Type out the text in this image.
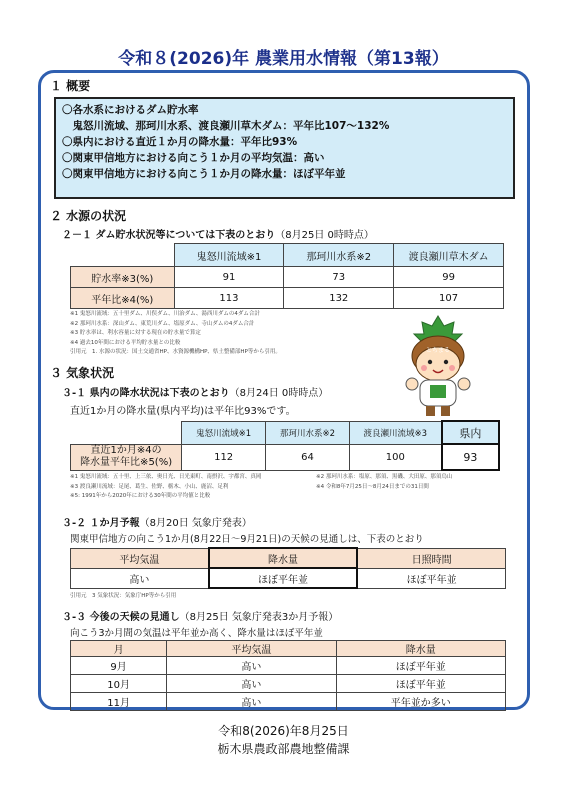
令和８(2026)年 農業用水情報（第13報）
１ 概要
〇各水系におけるダム貯水率
　鬼怒川流域、那珂川水系、渡良瀬川草木ダム：平年比107～132%
〇県内における直近１か月の降水量：平年比93%
〇関東甲信地方における向こう１か月の平均気温：高い
〇関東甲信地方における向こう１か月の降水量：ほぼ平年並
２ 水源の状況
２－１ ダム貯水状況等については下表のとおり（8月25日 0時時点）
	鬼怒川流域※1	那珂川水系※2	渡良瀬川草木ダム
貯水率※3(%)	91	73	99
平年比※4(%)	113	132	107
※1 鬼怒川流域：五十里ダム、川俣ダム、川治ダム、湯西川ダムの4ダム合計
※2 那珂川水系：深山ダム、東荒川ダム、塩原ダム、寺山ダムの4ダム合計
※3 貯水率は、利水容量に対する現在の貯水量で算定
※4 過去10年間における平均貯水量との比較
引用元　1. 水源の状況：国土交通省HP、水資源機構HP、県土整備部HP等から引用。	とちまる
３ 気象状況
３-１ 県内の降水状況は下表のとおり（8月24日 0時時点）
直近1か月の降水量(県内平均)は平年比93%です。
	鬼怒川流域※1	那珂川水系※2	渡良瀬川流域※3	県内

直近1か月※4の
降水量平年比※5(%)	112	64	100	93
※1 鬼怒川流域：五十里、上三依、奥日光、日光東町、南摂沢、宇都宮、真岡
※3 渡良瀬川流域：足尾、葛生、佐野、栃木、小山、鹿沼、足利
※5: 1991年から2020年における30年間の平均値と比較
※2 那珂川水系：塩原、那須、黒磯、大田原、那須烏山
※4 令和8年7月25日～8月24日までの31日間
３-２ １か月予報（8月20日 気象庁発表）
関東甲信地方の向こう1か月(8月22日～9月21日)の天候の見通しは、下表のとおり
平均気温	降水量	日照時間
高い	ほぼ平年並	ほぼ平年並
引用元　3 気象状況：気象庁HP等から引用
３-３ 今後の天候の見通し（8月25日 気象庁発表3か月予報）
向こう3か月間の気温は平年並か高く、降水量はほぼ平年並
月	平均気温	降水量
9月	高い	ほぼ平年並
10月	高い	ほぼ平年並
11月	高い	平年並か多い
令和8(2026)年8月25日
栃木県農政部農地整備課
